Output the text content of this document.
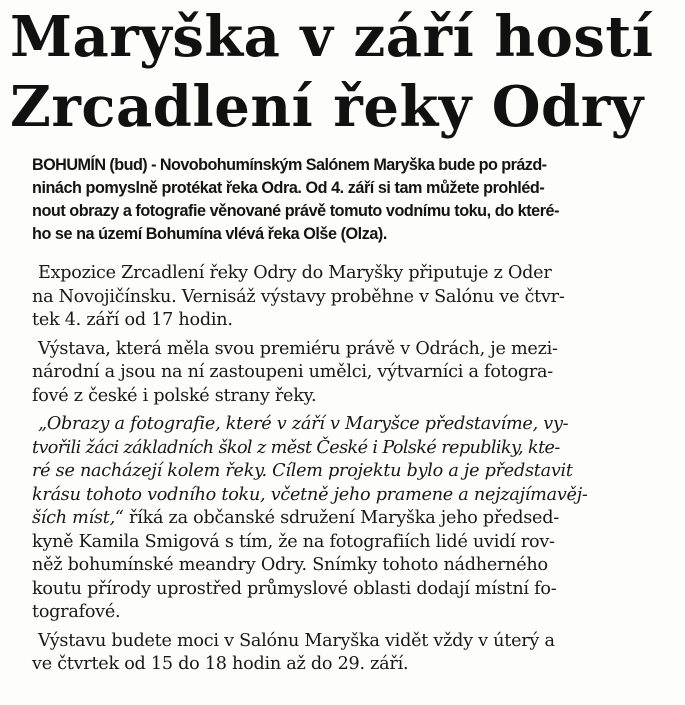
Maryška v září hostí
Zrcadlení řeky Odry
BOHUMÍN (bud) - Novobohumínským Salónem Maryška bude po prázd-
ninách pomyslně protékat řeka Odra. Od 4. září si tam můžete prohléd-
nout obrazy a fotografie věnované právě tomuto vodnímu toku, do které-
ho se na území Bohumína vlévá řeka Olše (Olza).
Expozice Zrcadlení řeky Odry do Maryšky připutuje z Oder
na Novojičínsku. Vernisáž výstavy proběhne v Salónu ve čtvr-
tek 4. září od 17 hodin.
Výstava, která měla svou premiéru právě v Odrách, je mezi-
národní a jsou na ní zastoupeni umělci, výtvarníci a fotogra-
fové z české i polské strany řeky.
„Obrazy a fotografie, které v září v Maryšce představíme, vy-
tvořili žáci základních škol z měst České i Polské republiky, kte-
ré se nacházejí kolem řeky. Cílem projektu bylo a je představit
krásu tohoto vodního toku, včetně jeho pramene a nejzajímavěj-
ších míst,“ říká za občanské sdružení Maryška jeho předsed-
kyně Kamila Smigová s tím, že na fotografiích lidé uvidí rov-
něž bohumínské meandry Odry. Snímky tohoto nádherného
koutu přírody uprostřed průmyslové oblasti dodají místní fo-
tografové.
Výstavu budete moci v Salónu Maryška vidět vždy v úterý a
ve čtvrtek od 15 do 18 hodin až do 29. září.
